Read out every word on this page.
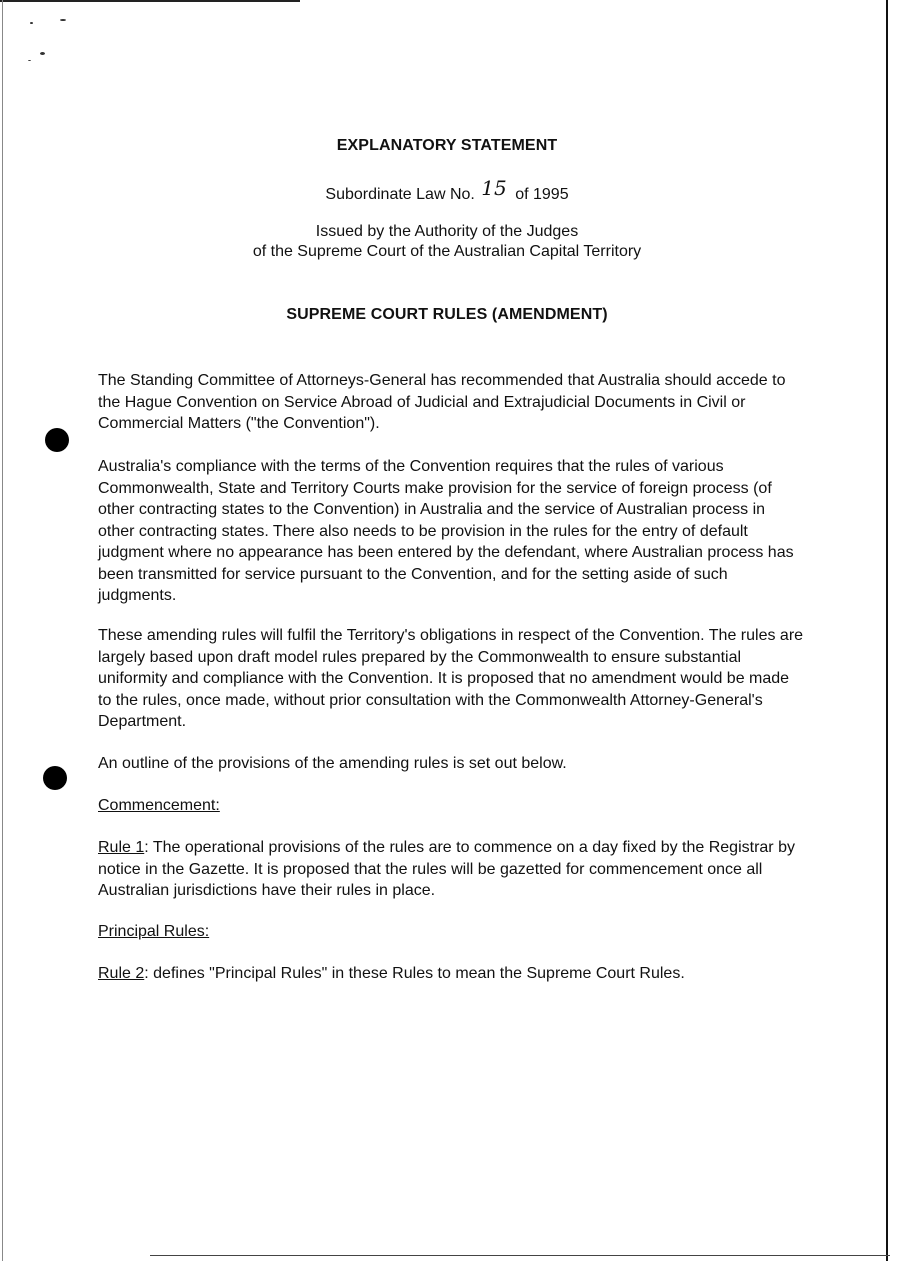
EXPLANATORY STATEMENT
Subordinate Law No. 15 of 1995
Issued by the Authority of the Judges
of the Supreme Court of the Australian Capital Territory
SUPREME COURT RULES (AMENDMENT)

The Standing Committee of Attorneys-General has recommended that Australia should accede to the Hague Convention on Service Abroad of Judicial and Extrajudicial Documents in Civil or Commercial Matters ("the Convention").

Australia's compliance with the terms of the Convention requires that the rules of various Commonwealth, State and Territory Courts make provision for the service of foreign process (of other contracting states to the Convention) in Australia and the service of Australian process in other contracting states. There also needs to be provision in the rules for the entry of default judgment where no appearance has been entered by the defendant, where Australian process has been transmitted for service pursuant to the Convention, and for the setting aside of such judgments.

These amending rules will fulfil the Territory's obligations in respect of the Convention. The rules are largely based upon draft model rules prepared by the Commonwealth to ensure substantial uniformity and compliance with the Convention. It is proposed that no amendment would be made to the rules, once made, without prior consultation with the Commonwealth Attorney-General's Department.

An outline of the provisions of the amending rules is set out below.

Commencement:

Rule 1: The operational provisions of the rules are to commence on a day fixed by the Registrar by notice in the Gazette. It is proposed that the rules will be gazetted for commencement once all Australian jurisdictions have their rules in place.

Principal Rules:

Rule 2: defines "Principal Rules" in these Rules to mean the Supreme Court Rules.
